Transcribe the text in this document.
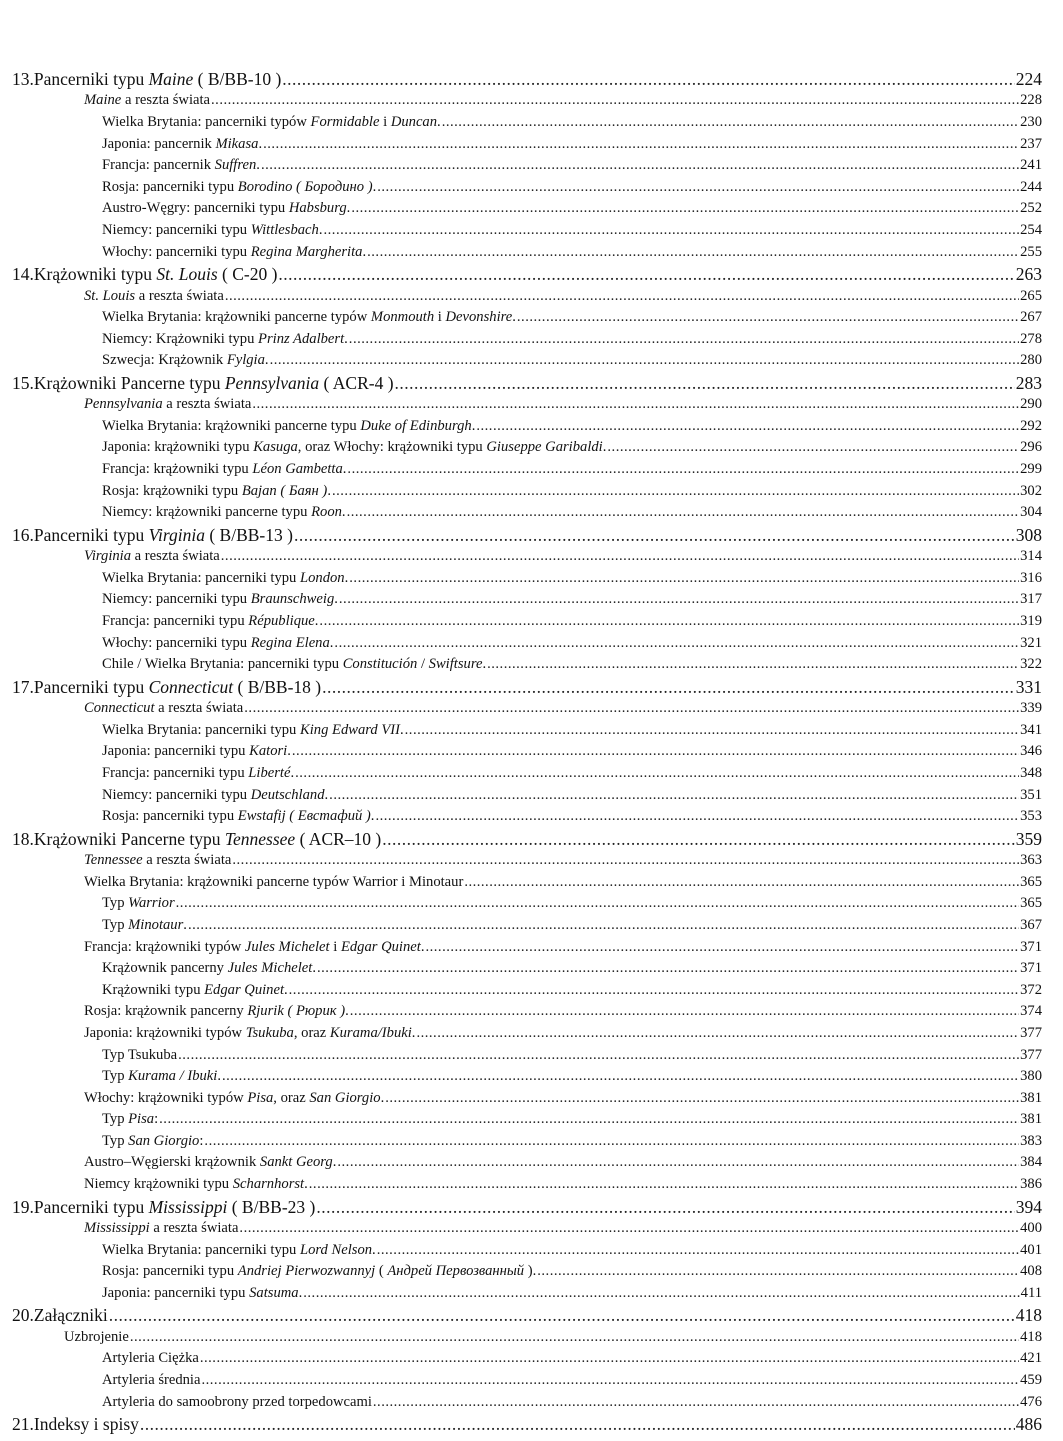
13. Pancerniki typu Maine ( B/BB-10 ) .....	224
Maine a reszta świata .....	228
Wielka Brytania: pancerniki typów Formidable i Duncan. .....	230
Japonia: pancernik Mikasa. .....	237
Francja: pancernik Suffren. .....	241
Rosja: pancerniki typu Borodino ( Бородино ). .....	244
Austro-Węgry: pancerniki typu Habsburg. .....	252
Niemcy: pancerniki typu Wittlesbach. .....	254
Włochy: pancerniki typu Regina Margherita. .....	255
14. Krążowniki typu St. Louis ( C-20 ) .....	263
St. Louis a reszta świata .....	265
Wielka Brytania: krążowniki pancerne typów Monmouth i Devonshire. .....	267
Niemcy: Krążowniki typu Prinz Adalbert. .....	278
Szwecja: Krążownik Fylgia. .....	280
15. Krążowniki Pancerne typu Pennsylvania ( ACR-4 ) .....	283
Pennsylvania a reszta świata .....	290
Wielka Brytania: krążowniki pancerne typu Duke of Edinburgh. .....	292
Japonia: krążowniki typu Kasuga, oraz Włochy: krążowniki typu Giuseppe Garibaldi. .....	296
Francja: krążowniki typu Léon Gambetta. .....	299
Rosja: krążowniki typu Bajan ( Баян ). .....	302
Niemcy: krążowniki pancerne typu Roon. .....	304
16. Pancerniki typu Virginia ( B/BB-13 ) .....	308
Virginia a reszta świata .....	314
Wielka Brytania: pancerniki typu London. .....	316
Niemcy: pancerniki typu Braunschweig. .....	317
Francja: pancerniki typu République. .....	319
Włochy: pancerniki typu Regina Elena. .....	321
Chile / Wielka Brytania: pancerniki typu Constitución / Swiftsure. .....	322
17. Pancerniki typu Connecticut ( B/BB-18 ) .....	331
Connecticut a reszta świata .....	339
Wielka Brytania: pancerniki typu King Edward VII. .....	341
Japonia: pancerniki typu Katori. .....	346
Francja: pancerniki typu Liberté. .....	348
Niemcy: pancerniki typu Deutschland. .....	351
Rosja: pancerniki typu Ewstafij ( Евстафий ). .....	353
18. Krążowniki Pancerne typu Tennessee ( ACR–10 ) .....	359
Tennessee a reszta świata .....	363
Wielka Brytania: krążowniki pancerne typów Warrior i Minotaur .....	365
Typ Warrior .....	365
Typ Minotaur. .....	367
Francja: krążowniki typów Jules Michelet i Edgar Quinet. .....	371
Krążownik pancerny Jules Michelet. .....	371
Krążowniki typu Edgar Quinet. .....	372
Rosja: krążownik pancerny Rjurik ( Рюрик ). .....	374
Japonia: krążowniki typów Tsukuba, oraz Kurama/Ibuki. .....	377
Typ Tsukuba .....	377
Typ Kurama / Ibuki. .....	380
Włochy: krążowniki typów Pisa, oraz San Giorgio. .....	381
Typ Pisa: .....	381
Typ San Giorgio: .....	383
Austro–Węgierski krążownik Sankt Georg. .....	384
Niemcy krążowniki typu Scharnhorst. .....	386
19. Pancerniki typu Mississippi ( B/BB-23 ) .....	394
Mississippi a reszta świata .....	400
Wielka Brytania: pancerniki typu Lord Nelson. .....	401
Rosja: pancerniki typu Andriej Pierwozwannyj ( Андрей Первозванный ). .....	408
Japonia: pancerniki typu Satsuma. .....	411
20. Załączniki .....	418
Uzbrojenie .....	418
Artyleria Ciężka .....	421
Artyleria średnia .....	459
Artyleria do samoobrony przed torpedowcami .....	476
21. Indeksy i spisy .....	486
